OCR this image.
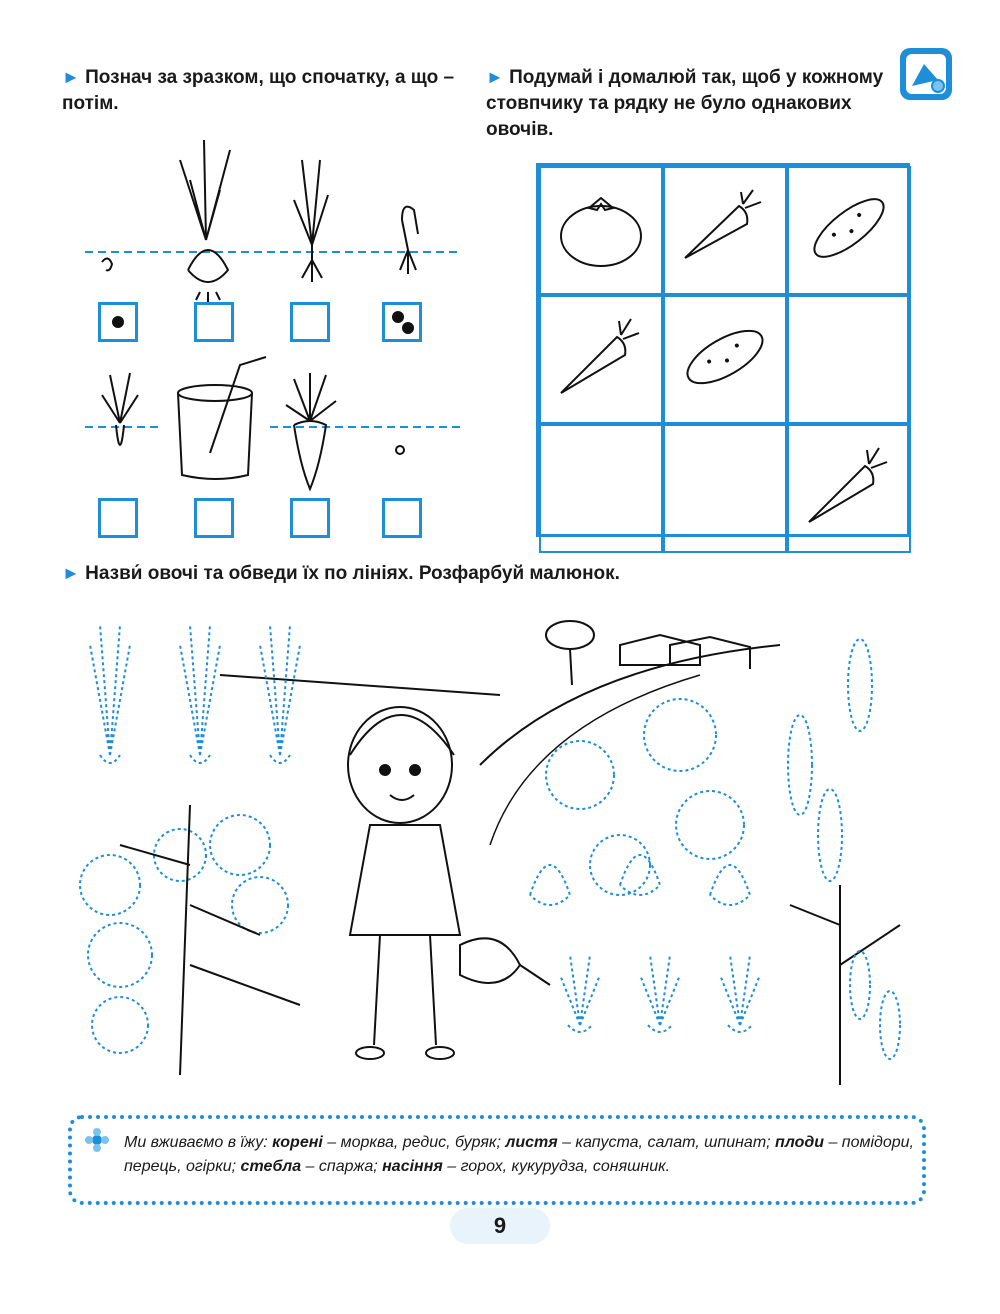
► Познач за зразком, що спочатку, а що – потім.
► Подумай і домалюй так, щоб у кожному стовпчику та рядку не було однакових овочів.
► Назви́ овочі та обведи їх по лініях. Розфарбуй малюнок.
Ми вживаємо в їжу: корені – морква, редис, буряк; листя – капуста, салат, шпинат; плоди – помідори, перець, огірки; стебла – спаржа; насіння – горох, кукурудза, соняшник.
9
